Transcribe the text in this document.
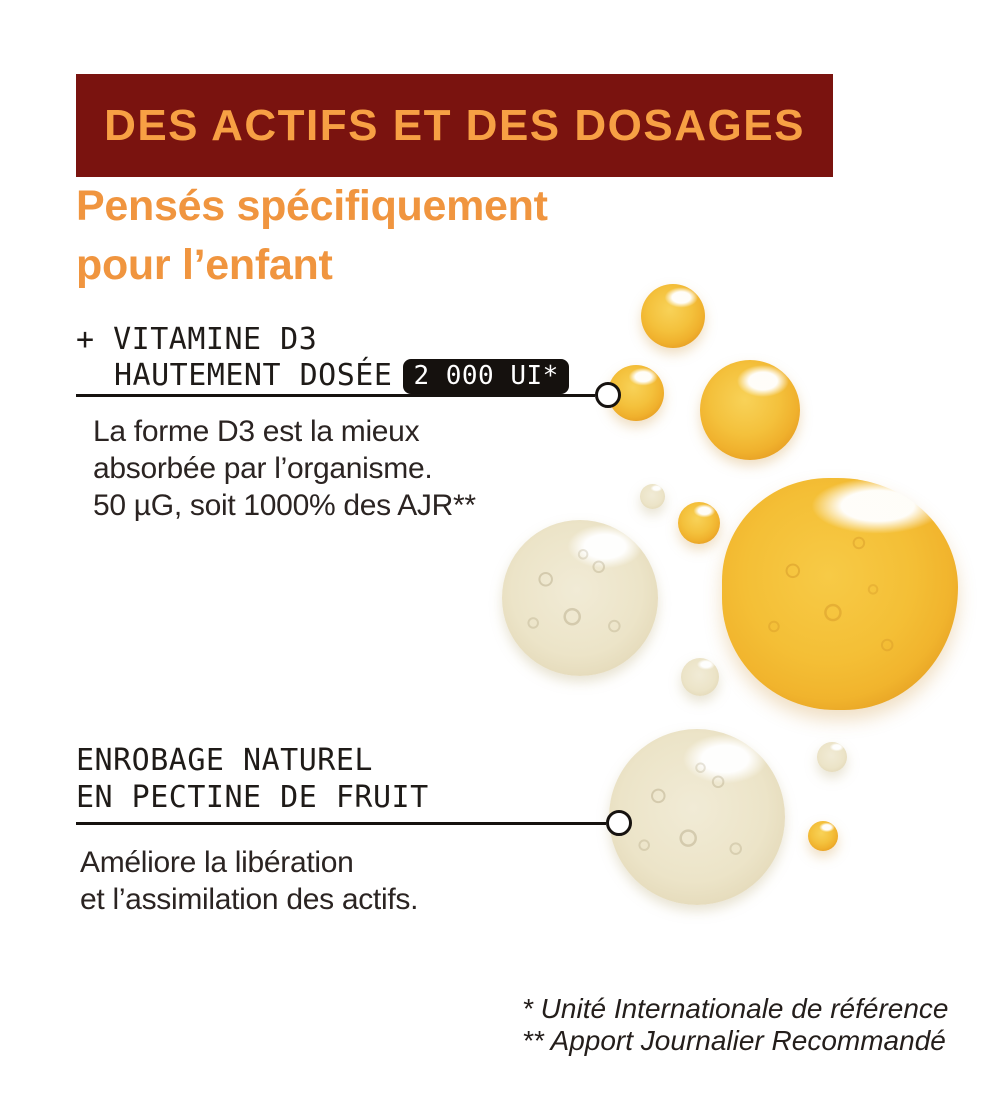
DES ACTIFS ET DES DOSAGES
Pensés spécifiquement
pour l’enfant
+ VITAMINE D3
HAUTEMENT DOSÉE 2 000 UI*
La forme D3 est la mieux
absorbée par l’organisme.
50 µG, soit 1000% des AJR**
ENROBAGE NATUREL
EN PECTINE DE FRUIT
Améliore la libération
et l’assimilation des actifs.
* Unité Internationale de référence
** Apport Journalier Recommandé
